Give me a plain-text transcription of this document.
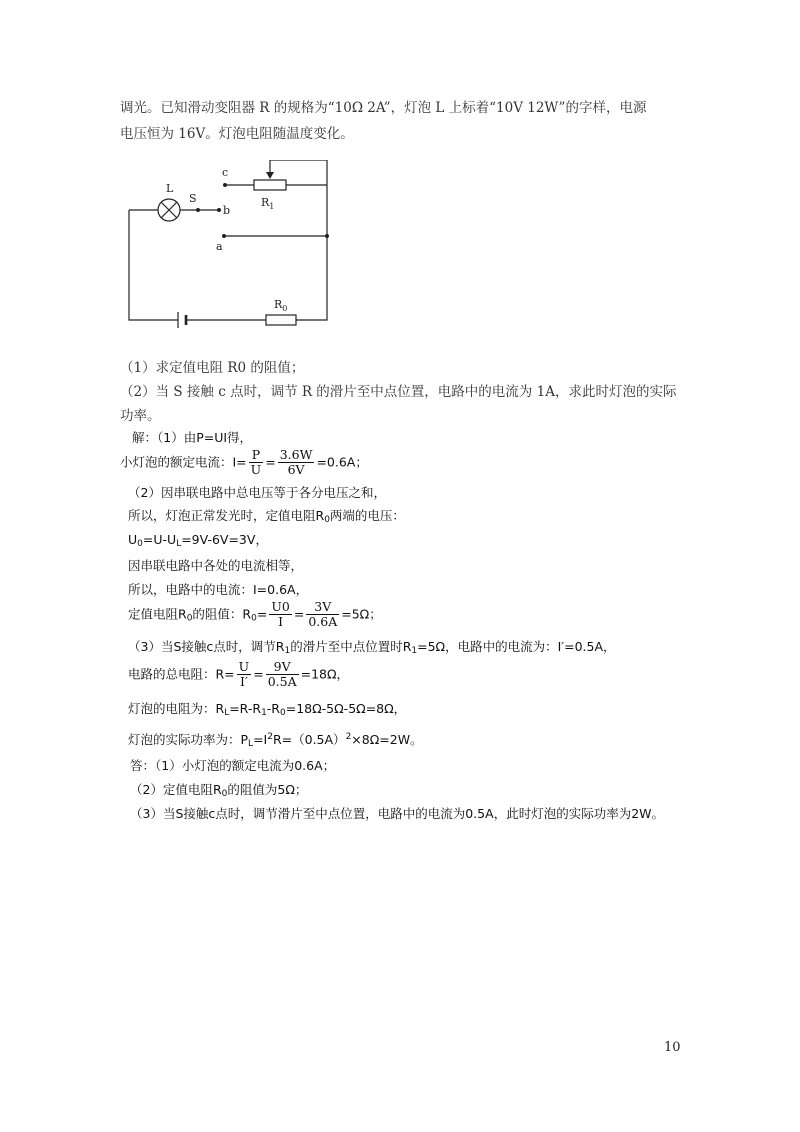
调光。已知滑动变阻器 R 的规格为“10Ω 2A”，灯泡 L 上标着“10V 12W”的字样，电源
电压恒为 16V。灯泡电阻随温度变化。
L
S
c
b
a
$R_1$
$R_0$
（1）求定值电阻 R0 的阻值；
（2）当 S 接触 c 点时，调节 R 的滑片至中点位置，电路中的电流为 1A，求此时灯泡的实际
功率。
解：（1）由P=UI得，
小灯泡的额定电流：$I= \frac{P}{U} = \frac{3.6W}{6V} =0.6A$；
（2）因串联电路中总电压等于各分电压之和，
所以，灯泡正常发光时，定值电阻$R_0$两端的电压：
$U_0=U-U_L=9V-6V=3V$，
因串联电路中各处的电流相等，
所以，电路中的电流：I=0.6A，
定值电阻$R_0$的阻值：$R_0= \frac{U0}{I} = \frac{3V}{0.6A} =5\Omega$；
（3）当S接触c点时，调节$R_1$的滑片至中点位置时$R_1=5\Omega$，电路中的电流为：I′=0.5A，
电路的总电阻：$R= \frac{U}{I'} = \frac{9V}{0.5A} =18\Omega$，
灯泡的电阻为：$R_L=R-R_1-R_0=18\Omega-5\Omega-5\Omega=8\Omega$，
灯泡的实际功率为：$P_L=I^2R=(0.5A)^2\times 8\Omega=2W$。
答：（1）小灯泡的额定电流为0.6A；
（2）定值电阻$R_0$的阻值为5Ω；
（3）当S接触c点时，调节滑片至中点位置，电路中的电流为0.5A，此时灯泡的实际功率为2W。
10
